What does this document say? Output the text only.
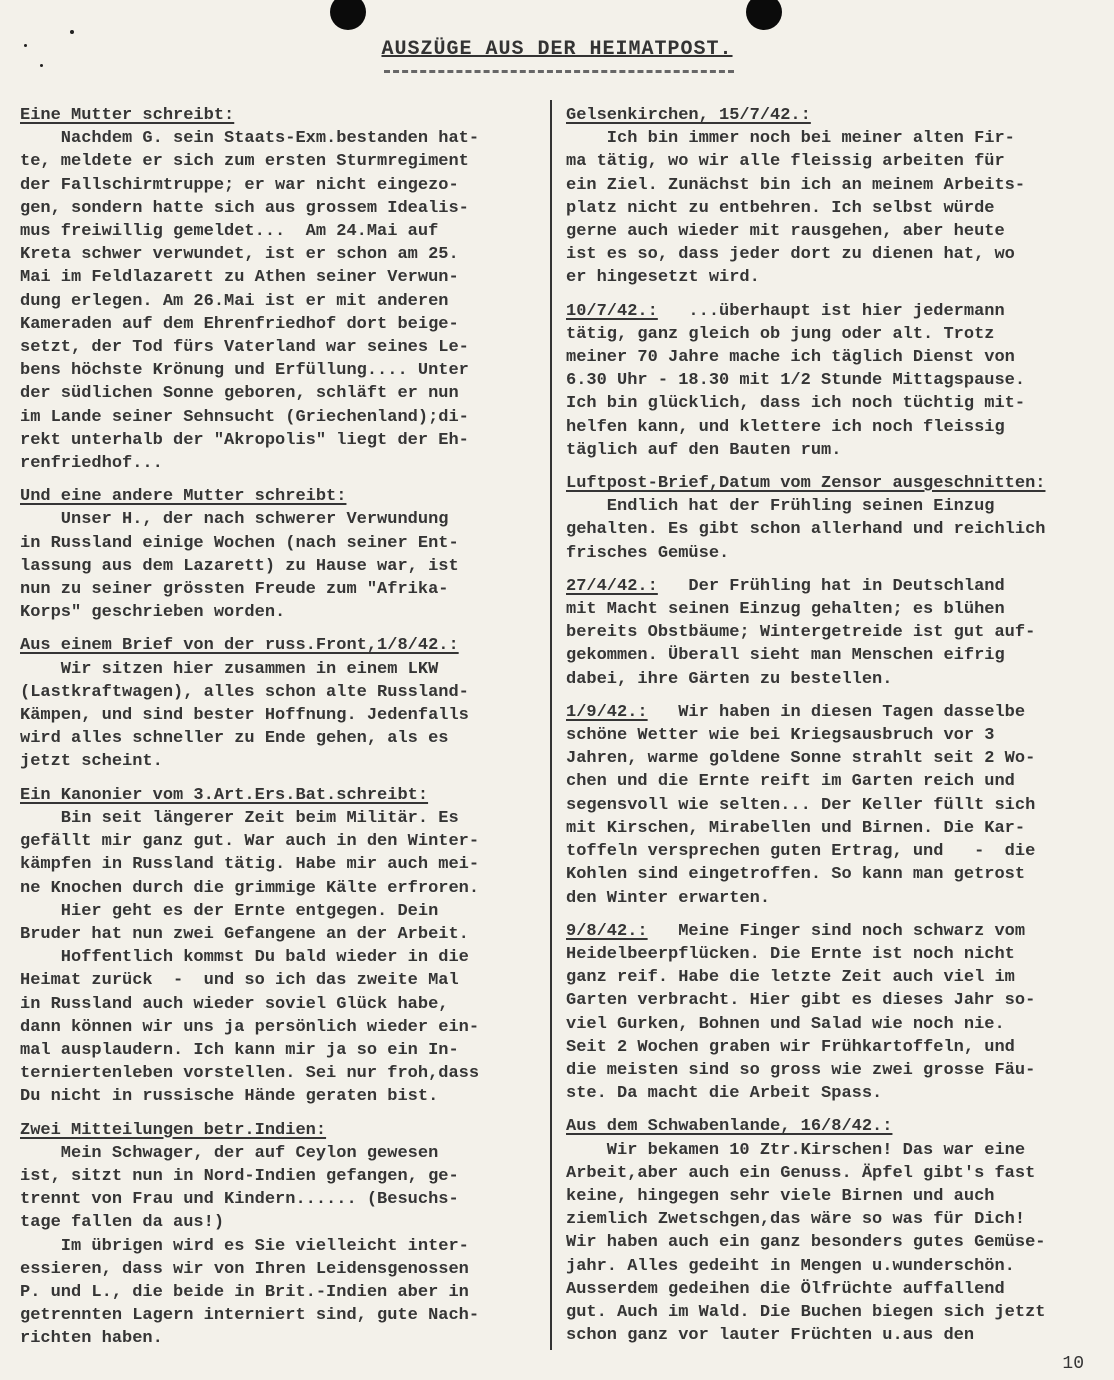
AUSZÜGE AUS DER HEIMATPOST.
Eine Mutter schreibt:

Nachdem G. sein Staats-Exm.bestanden hat-
te, meldete er sich zum ersten Sturmregiment
der Fallschirmtruppe; er war nicht eingezo-
gen, sondern hatte sich aus grossem Idealis-
mus freiwillig gemeldet...  Am 24.Mai auf
Kreta schwer verwundet, ist er schon am 25.
Mai im Feldlazarett zu Athen seiner Verwun-
dung erlegen. Am 26.Mai ist er mit anderen
Kameraden auf dem Ehrenfriedhof dort beige-
setzt, der Tod fürs Vaterland war seines Le-
bens höchste Krönung und Erfüllung.... Unter
der südlichen Sonne geboren, schläft er nun
im Lande seiner Sehnsucht (Griechenland);di-
rekt unterhalb der "Akropolis" liegt der Eh-
renfriedhof...
Und eine andere Mutter schreibt:

Unser H., der nach schwerer Verwundung
in Russland einige Wochen (nach seiner Ent-
lassung aus dem Lazarett) zu Hause war, ist
nun zu seiner grössten Freude zum "Afrika-
Korps" geschrieben worden.
Aus einem Brief von der russ.Front,1/8/42.:

Wir sitzen hier zusammen in einem LKW
(Lastkraftwagen), alles schon alte Russland-
Kämpen, und sind bester Hoffnung. Jedenfalls
wird alles schneller zu Ende gehen, als es
jetzt scheint.
Ein Kanonier vom 3.Art.Ers.Bat.schreibt:

Bin seit längerer Zeit beim Militär. Es
gefällt mir ganz gut. War auch in den Winter-
kämpfen in Russland tätig. Habe mir auch mei-
ne Knochen durch die grimmige Kälte erfroren.
Hier geht es der Ernte entgegen. Dein
Bruder hat nun zwei Gefangene an der Arbeit.
Hoffentlich kommst Du bald wieder in die
Heimat zurück  -  und so ich das zweite Mal
in Russland auch wieder soviel Glück habe,
dann können wir uns ja persönlich wieder ein-
mal ausplaudern. Ich kann mir ja so ein In-
terniertenleben vorstellen. Sei nur froh,dass
Du nicht in russische Hände geraten bist.
Zwei Mitteilungen betr.Indien:

Mein Schwager, der auf Ceylon gewesen
ist, sitzt nun in Nord-Indien gefangen, ge-
trennt von Frau und Kindern...... (Besuchs-
tage fallen da aus!)
Im übrigen wird es Sie vielleicht inter-
essieren, dass wir von Ihren Leidensgenossen
P. und L., die beide in Brit.-Indien aber in
getrennten Lagern interniert sind, gute Nach-
richten haben.
Gelsenkirchen, 15/7/42.:

Ich bin immer noch bei meiner alten Fir-
ma tätig, wo wir alle fleissig arbeiten für
ein Ziel. Zunächst bin ich an meinem Arbeits-
platz nicht zu entbehren. Ich selbst würde
gerne auch wieder mit rausgehen, aber heute
ist es so, dass jeder dort zu dienen hat, wo
er hingesetzt wird.
10/7/42.:   ...überhaupt ist hier jedermann
tätig, ganz gleich ob jung oder alt. Trotz
meiner 70 Jahre mache ich täglich Dienst von
6.30 Uhr - 18.30 mit 1/2 Stunde Mittagspause.
Ich bin glücklich, dass ich noch tüchtig mit-
helfen kann, und klettere ich noch fleissig
täglich auf den Bauten rum.
Luftpost-Brief,Datum vom Zensor ausgeschnitten:

Endlich hat der Frühling seinen Einzug
gehalten. Es gibt schon allerhand und reichlich
frisches Gemüse.
27/4/42.:   Der Frühling hat in Deutschland
mit Macht seinen Einzug gehalten; es blühen
bereits Obstbäume; Wintergetreide ist gut auf-
gekommen. Überall sieht man Menschen eifrig
dabei, ihre Gärten zu bestellen.
1/9/42.:   Wir haben in diesen Tagen dasselbe
schöne Wetter wie bei Kriegsausbruch vor 3
Jahren, warme goldene Sonne strahlt seit 2 Wo-
chen und die Ernte reift im Garten reich und
segensvoll wie selten... Der Keller füllt sich
mit Kirschen, Mirabellen und Birnen. Die Kar-
toffeln versprechen guten Ertrag, und   -  die
Kohlen sind eingetroffen. So kann man getrost
den Winter erwarten.
9/8/42.:   Meine Finger sind noch schwarz vom
Heidelbeerpflücken. Die Ernte ist noch nicht
ganz reif. Habe die letzte Zeit auch viel im
Garten verbracht. Hier gibt es dieses Jahr so-
viel Gurken, Bohnen und Salad wie noch nie.
Seit 2 Wochen graben wir Frühkartoffeln, und
die meisten sind so gross wie zwei grosse Fäu-
ste. Da macht die Arbeit Spass.
Aus dem Schwabenlande, 16/8/42.:

Wir bekamen 10 Ztr.Kirschen! Das war eine
Arbeit,aber auch ein Genuss. Äpfel gibt's fast
keine, hingegen sehr viele Birnen und auch
ziemlich Zwetschgen,das wäre so was für Dich!
Wir haben auch ein ganz besonders gutes Gemüse-
jahr. Alles gedeiht in Mengen u.wunderschön.
Ausserdem gedeihen die Ölfrüchte auffallend
gut. Auch im Wald. Die Buchen biegen sich jetzt
schon ganz vor lauter Früchten u.aus den
10
